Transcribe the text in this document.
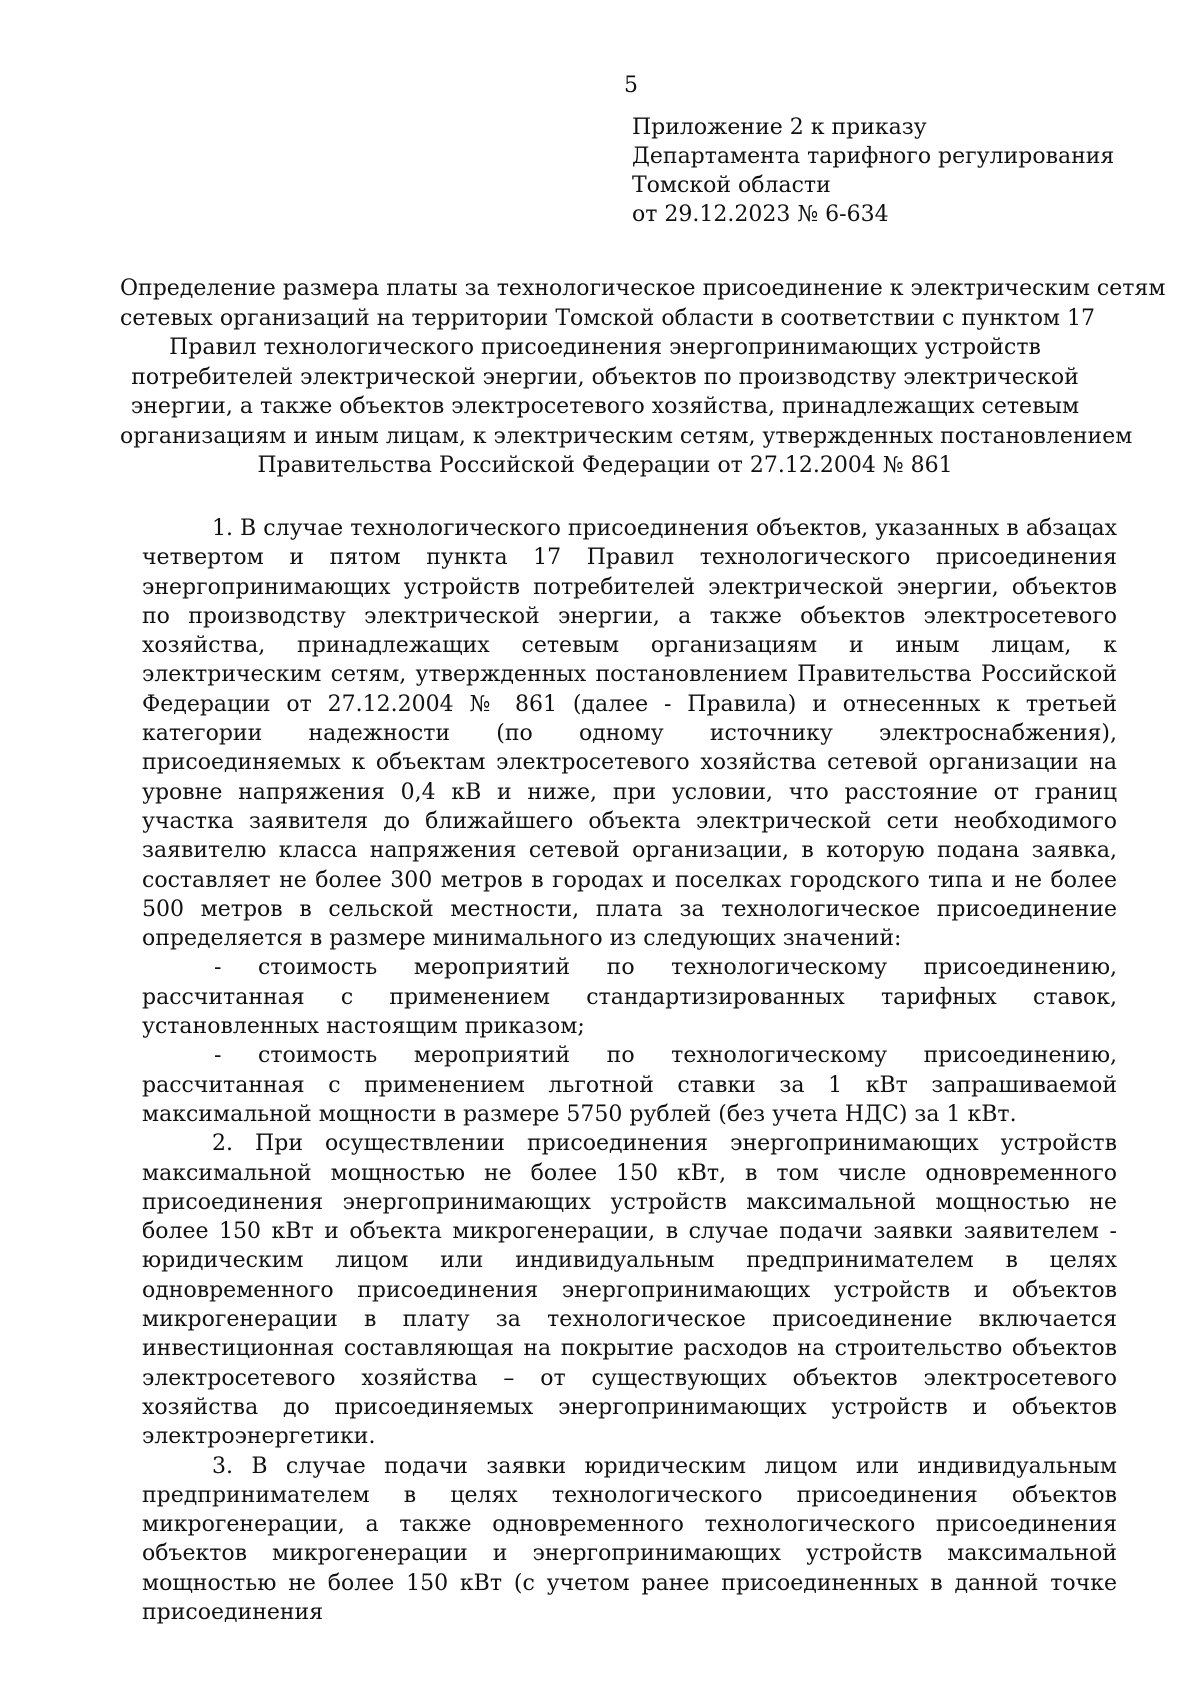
5
Приложение 2 к приказу
Департамента тарифного регулирования
Томской области
от 29.12.2023 № 6-634
Определение размера платы за технологическое присоединение к электрическим сетям
сетевых организаций на территории Томской области в соответствии с пунктом 17
Правил технологического присоединения энергопринимающих устройств
потребителей электрической энергии, объектов по производству электрической
энергии, а также объектов электросетевого хозяйства, принадлежащих сетевым
организациям и иным лицам, к электрическим сетям, утвержденных постановлением
Правительства Российской Федерации от 27.12.2004 № 861

1. В случае технологического присоединения объектов, указанных в абзацах четвертом и пятом пункта 17 Правил технологического присоединения энергопринимающих устройств потребителей электрической энергии, объектов по производству электрической энергии, а также объектов электросетевого хозяйства, принадлежащих сетевым организациям и иным лицам, к электрическим сетям, утвержденных постановлением Правительства Российской Федерации от 27.12.2004 № 861 (далее - Правила) и отнесенных к третьей категории надежности (по одному источнику электроснабжения), присоединяемых к объектам электросетевого хозяйства сетевой организации на уровне напряжения 0,4 кВ и ниже, при условии, что расстояние от границ участка заявителя до ближайшего объекта электрической сети необходимого заявителю класса напряжения сетевой организации, в которую подана заявка, составляет не более 300 метров в городах и поселках городского типа и не более 500 метров в сельской местности, плата за технологическое присоединение определяется в размере минимального из следующих значений:

- стоимость мероприятий по технологическому присоединению, рассчитанная с применением стандартизированных тарифных ставок, установленных настоящим приказом;

- стоимость мероприятий по технологическому присоединению, рассчитанная с применением льготной ставки за 1 кВт запрашиваемой максимальной мощности в размере 5750 рублей (без учета НДС) за 1 кВт.

2. При осуществлении присоединения энергопринимающих устройств максимальной мощностью не более 150 кВт, в том числе одновременного присоединения энергопринимающих устройств максимальной мощностью не более 150 кВт и объекта микрогенерации, в случае подачи заявки заявителем - юридическим лицом или индивидуальным предпринимателем в целях одновременного присоединения энергопринимающих устройств и объектов микрогенерации в плату за технологическое присоединение включается инвестиционная составляющая на покрытие расходов на строительство объектов электросетевого хозяйства – от существующих объектов электросетевого хозяйства до присоединяемых энергопринимающих устройств и объектов электроэнергетики.

3. В случае подачи заявки юридическим лицом или индивидуальным предпринимателем в целях технологического присоединения объектов микрогенерации, а также одновременного технологического присоединения объектов микрогенерации и энергопринимающих устройств максимальной мощностью не более 150 кВт (с учетом ранее присоединенных в данной точке присоединения
